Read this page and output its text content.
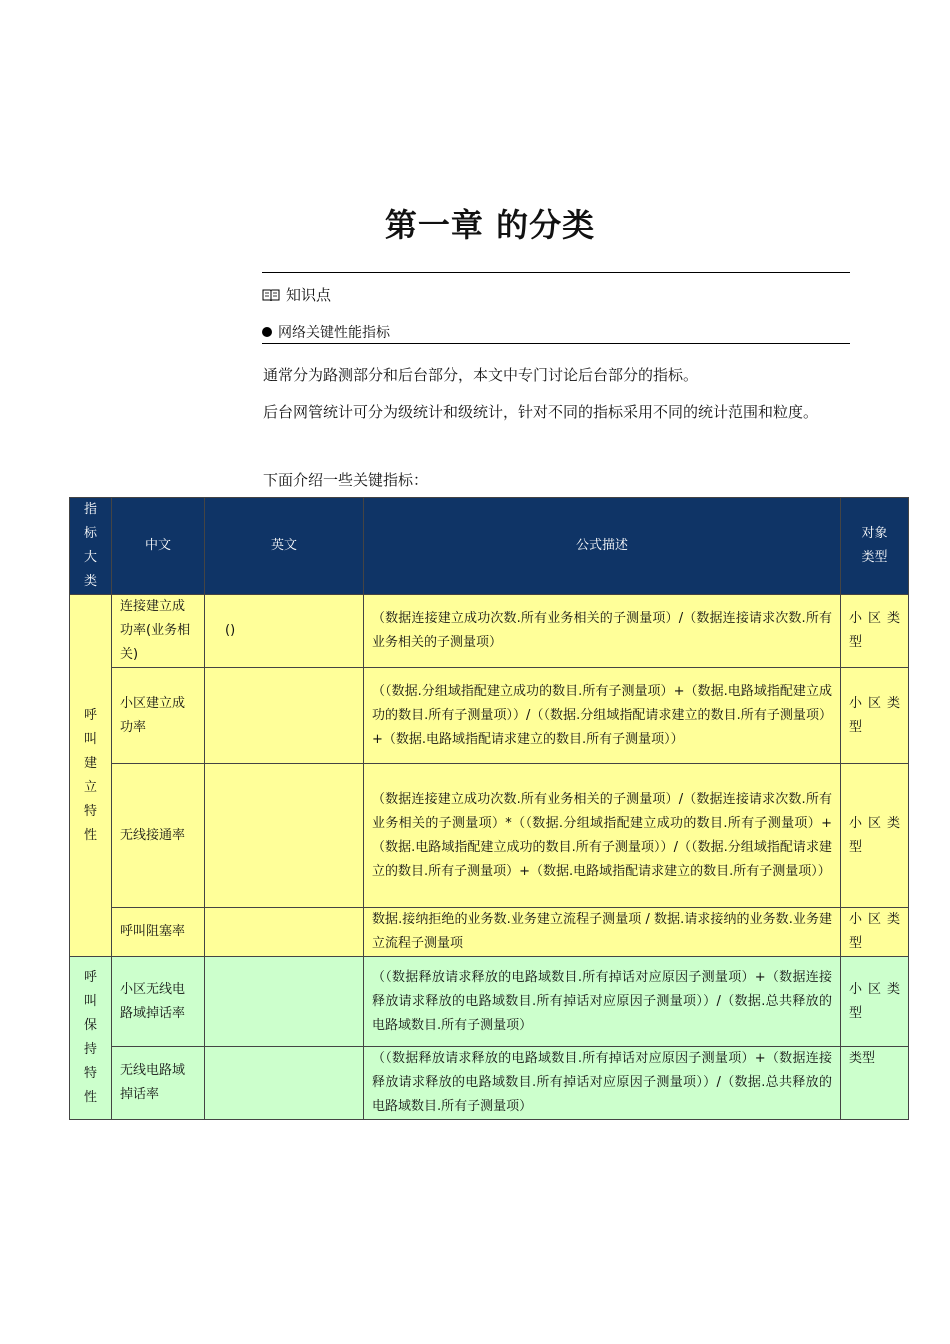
第一章 的分类
知识点
网络关键性能指标

通常分为路测部分和后台部分，本文中专门讨论后台部分的指标。

后台网管统计可分为级统计和级统计，针对不同的指标采用不同的统计范围和粒度。

下面介绍一些关键指标：

指标大类	中文	英文	公式描述	对象类型
呼叫建立特性	连接建立成功率(业务相关)	()	（数据连接建立成功次数.所有业务相关的子测量项）/（数据连接请求次数.所有业务相关的子测量项）	小区类型
	小区建立成功率		（（数据.分组域指配建立成功的数目.所有子测量项）+（数据.电路域指配建立成功的数目.所有子测量项））/（（数据.分组域指配请求建立的数目.所有子测量项）+（数据.电路域指配请求建立的数目.所有子测量项））	小区类型
	无线接通率		（数据连接建立成功次数.所有业务相关的子测量项）/（数据连接请求次数.所有业务相关的子测量项）*（（数据.分组域指配建立成功的数目.所有子测量项）+（数据.电路域指配建立成功的数目.所有子测量项））/（（数据.分组域指配请求建立的数目.所有子测量项）+（数据.电路域指配请求建立的数目.所有子测量项））	小区类型
	呼叫阻塞率		数据.接纳拒绝的业务数.业务建立流程子测量项 / 数据.请求接纳的业务数.业务建立流程子测量项	小区类型
呼叫保持特性	小区无线电路域掉话率		（（数据释放请求释放的电路域数目.所有掉话对应原因子测量项）+（数据连接释放请求释放的电路域数目.所有掉话对应原因子测量项））/（数据.总共释放的电路域数目.所有子测量项）	小区类型
	无线电路域掉话率		（（数据释放请求释放的电路域数目.所有掉话对应原因子测量项）+（数据连接释放请求释放的电路域数目.所有掉话对应原因子测量项））/（数据.总共释放的电路域数目.所有子测量项）	类型
